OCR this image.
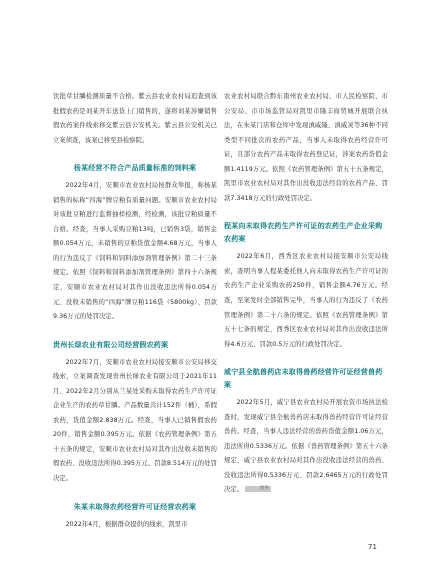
饮批草甘膦检测质量不合格。紫云县农业农村局追查到该批假农药是刘某开车送货上门销售的，遂将刘某涉嫌销售假农药案件线索移交紫云县公安机关。紫云县公安机关已立案侦查，该案已移至县检察院。

杨某经营不符合产品质量标准的饲料案

2022年4月，安顺市农业农村局按群众举报，称杨某销售的标称“四海”牌豆粕有质量问题。安顺市农业农村局对该批豆粕进行监督抽样检测，经检测，该批豆粕质量不合格。经查，当事人采购豆粕13吨，已销售3袋，销售金额0.054万元，未销售的豆粕货值金额4.68万元，当事人的行为违反了《饲料和饲料添加剂管理条例》第二十三条规定。依照《饲料和饲料添加剂管理条例》第四十六条规定，安顺市农业农村局对其作出没收违法所得0.054万元、没收未销售的“四海”牌豆粕116袋（5800kg）、罚款9.36万元的处罚决定。

贵州长绿农业有限公司经营假农药案

2022年7月，安顺市农业农村局接安顺市公安局移交线索，立案调查发现贵州长绿农业有限公司于2021年11月、2022年2月分别从兰某处采购未取得农药生产许可证企业生产的农药草甘膦。产品数量共计152件（桶），系假农药，货值金额2.838万元。经查，当事人已销售假农药20件，销售金额0.395万元。依据《农药管理条例》第五十五条的规定，安顺市农业农村局对其作出没收未销售的假农药、没收违法所得0.395万元、罚款8.514万元的处罚决定。

朱某未取得农药经营许可证经营农药案

2022年4月，根据群众提供的线索，凯里市

农业农村局联合黔东南州农业农村局、市人民检察院、市公安局、市市场监管局对凯里市隆丰商贸城开展联合执法，在朱某门店和仓库中发现滇威隆、滇威灵等36种不同类型不同批次的农药产品，当事人未取得农药经营许可证，且部分农药产品未取得农药登记证，涉案农药货值金额1.4119万元。依照《农药管理条例》第五十五条规定，凯里市农业农村局对其作出没收违法经营的农药产品、罚款7.3418万元的行政处罚决定。

程某向未取得农药生产许可证的农药生产企业采购农药案

2022年6月，西秀区农业农村局接安顺市公安局线索，查明当事人程某委托他人向未取得农药生产许可证的农药生产企业采购农药250件，销售金额4.76万元。经查，至案发时全部销售完毕，当事人的行为违反了《农药管理条例》第二十六条的规定。依照《农药管理条例》第五十七条的规定，西秀区农业农村局对其作出没收违法所得4.6万元、罚款0.5万元的行政处罚决定。

威宁县全航兽药店未取得兽药经营许可证经营兽药案

2022年5月，威宁县农业农村局开展农资市场执法检查时，发现威宁县全航兽药店未取得兽药经营许可证经营兽药。经查，当事人违法经营的兽药货值金额1.06万元，违法所得0.5336万元。依据《兽药管理条例》第五十六条规定，威宁县农业农村局对其作出没收违法经营的兽药、没收违法所得0.5336万元、罚款2.6465万元的行政处罚决定。	国务

71
